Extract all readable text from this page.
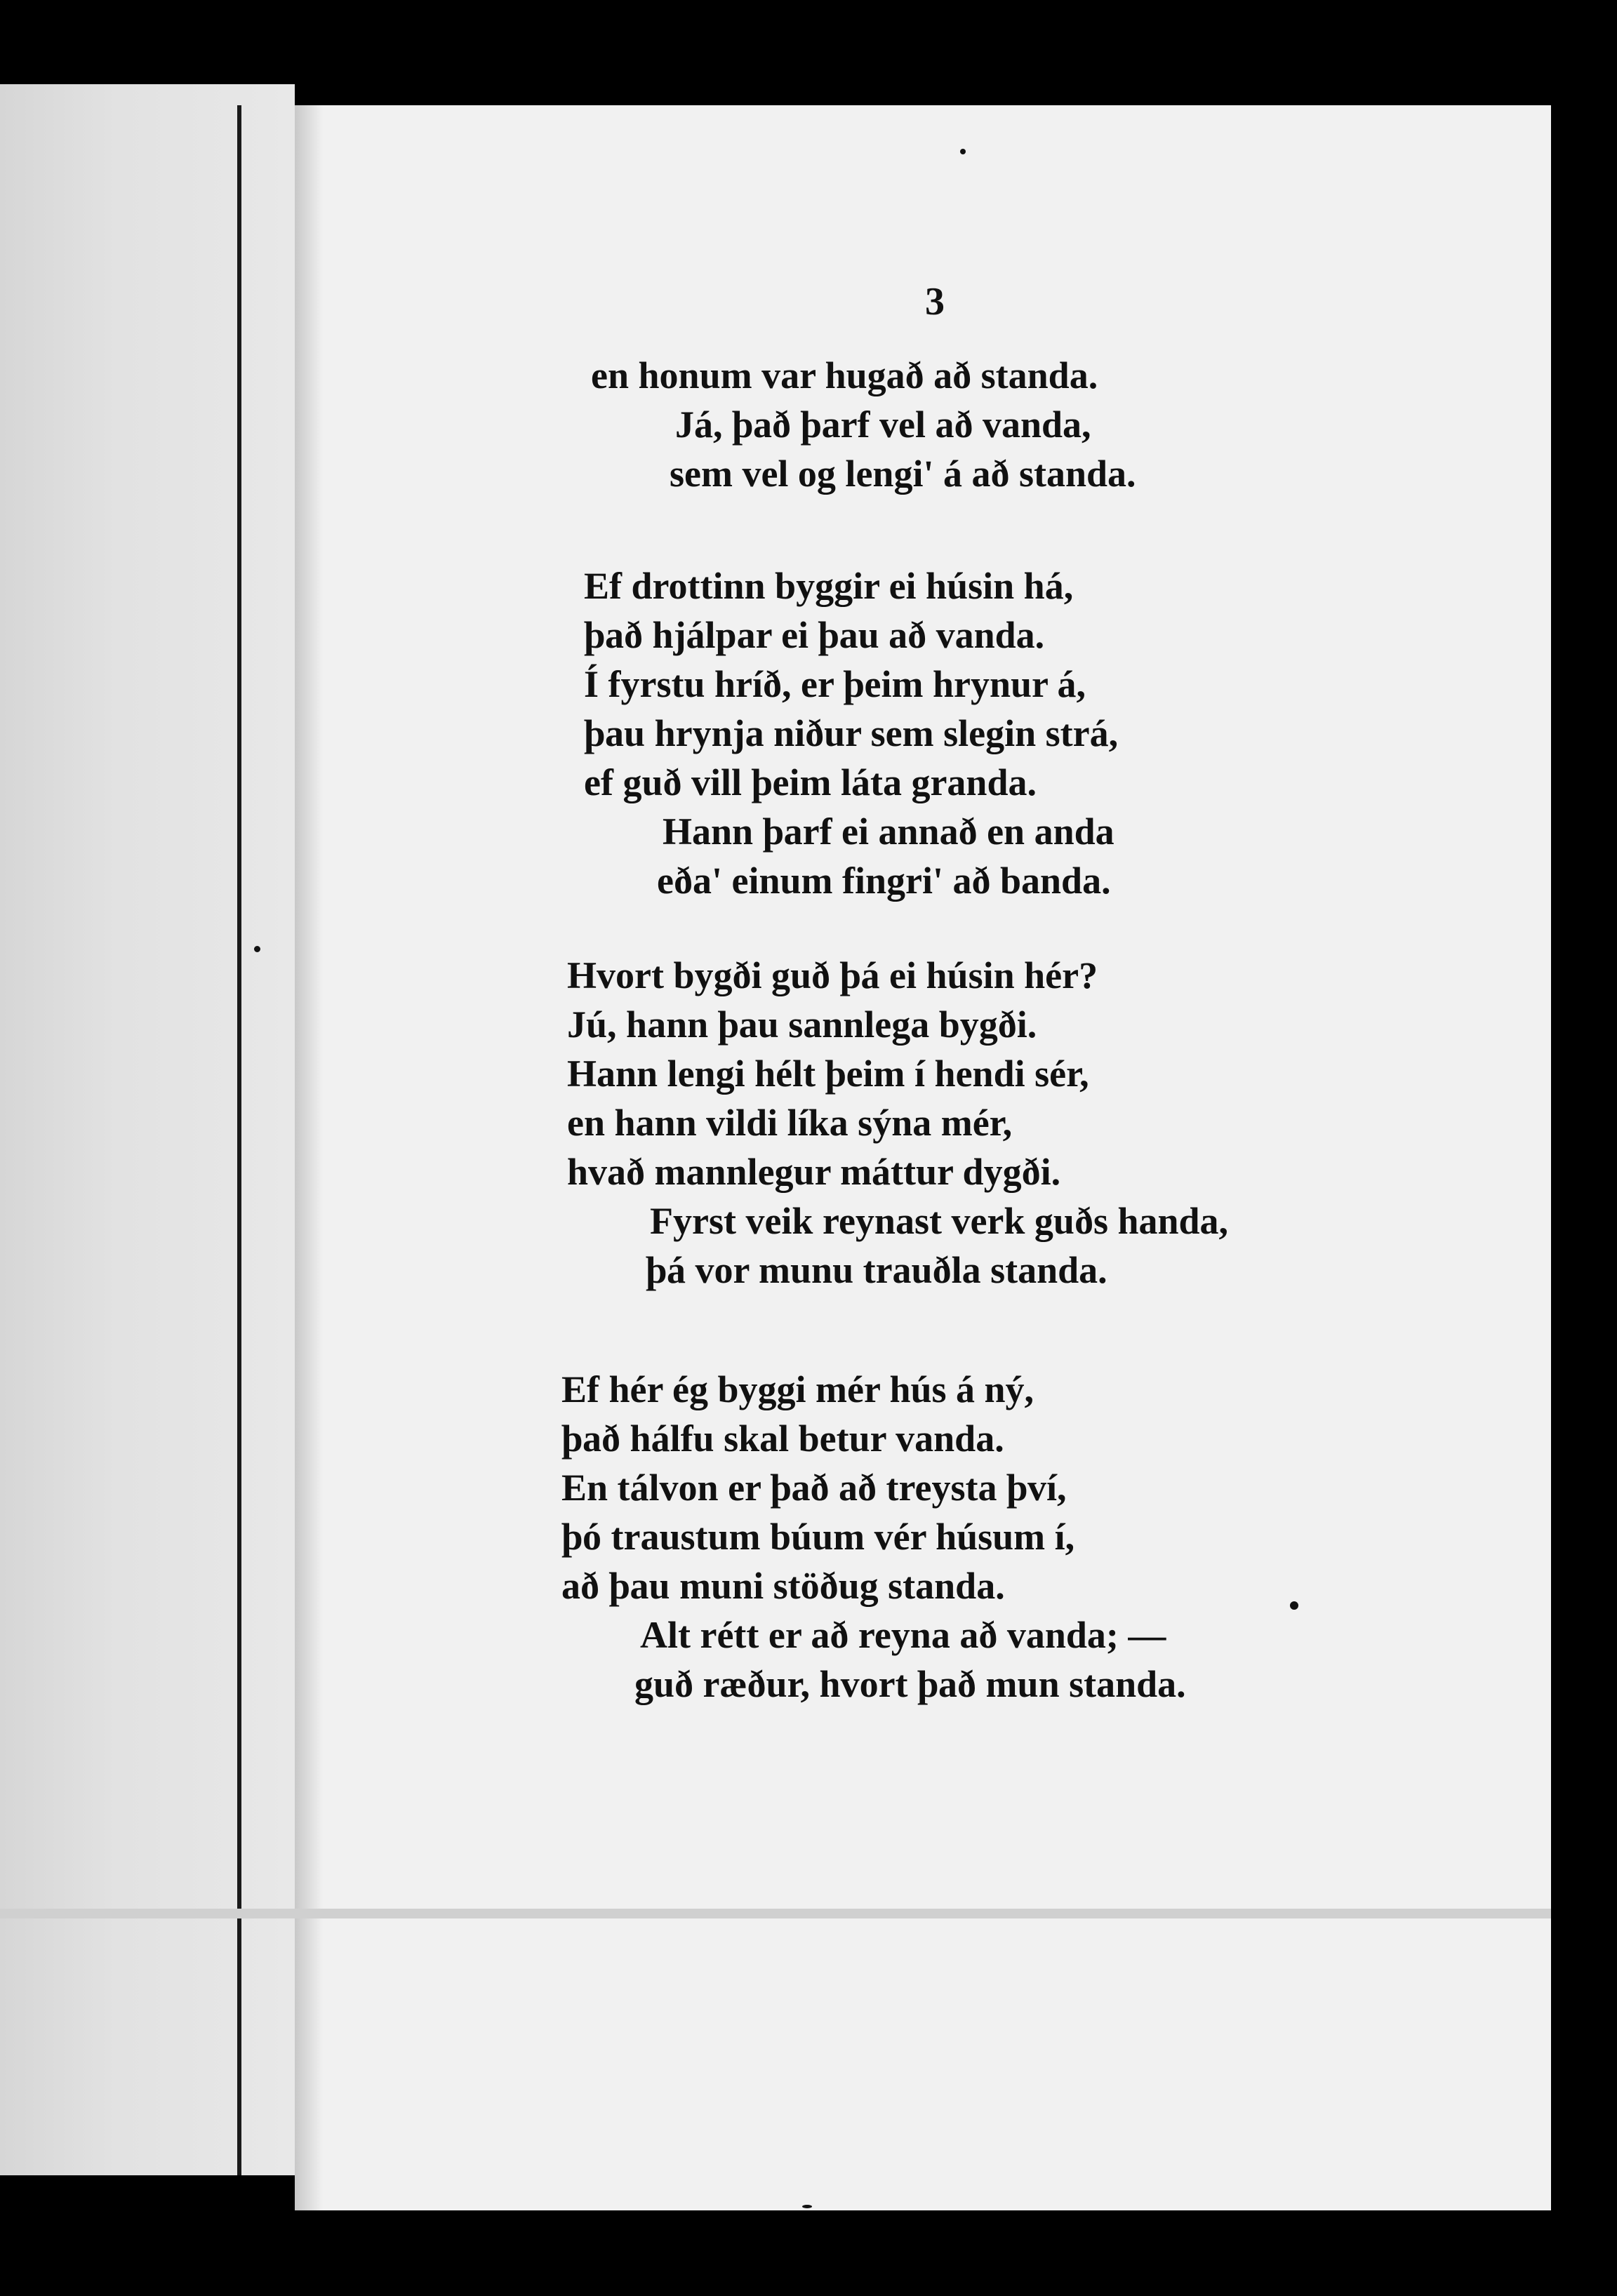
3
en honum var hugað að standa.
Já, það þarf vel að vanda,
sem vel og lengi' á að standa.
Ef drottinn byggir ei húsin há,
það hjálpar ei þau að vanda.
Í fyrstu hríð, er þeim hrynur á,
þau hrynja niður sem slegin strá,
ef guð vill þeim láta granda.
Hann þarf ei annað en anda
eða' einum fingri' að banda.
Hvort bygði guð þá ei húsin hér?
Jú, hann þau sannlega bygði.
Hann lengi hélt þeim í hendi sér,
en hann vildi líka sýna mér,
hvað mannlegur máttur dygði.
Fyrst veik reynast verk guðs handa,
þá vor munu trauðla standa.
Ef hér ég byggi mér hús á ný,
það hálfu skal betur vanda.
En tálvon er það að treysta því,
þó traustum búum vér húsum í,
að þau muni stöðug standa.
Alt rétt er að reyna að vanda; —
guð ræður, hvort það mun standa.
